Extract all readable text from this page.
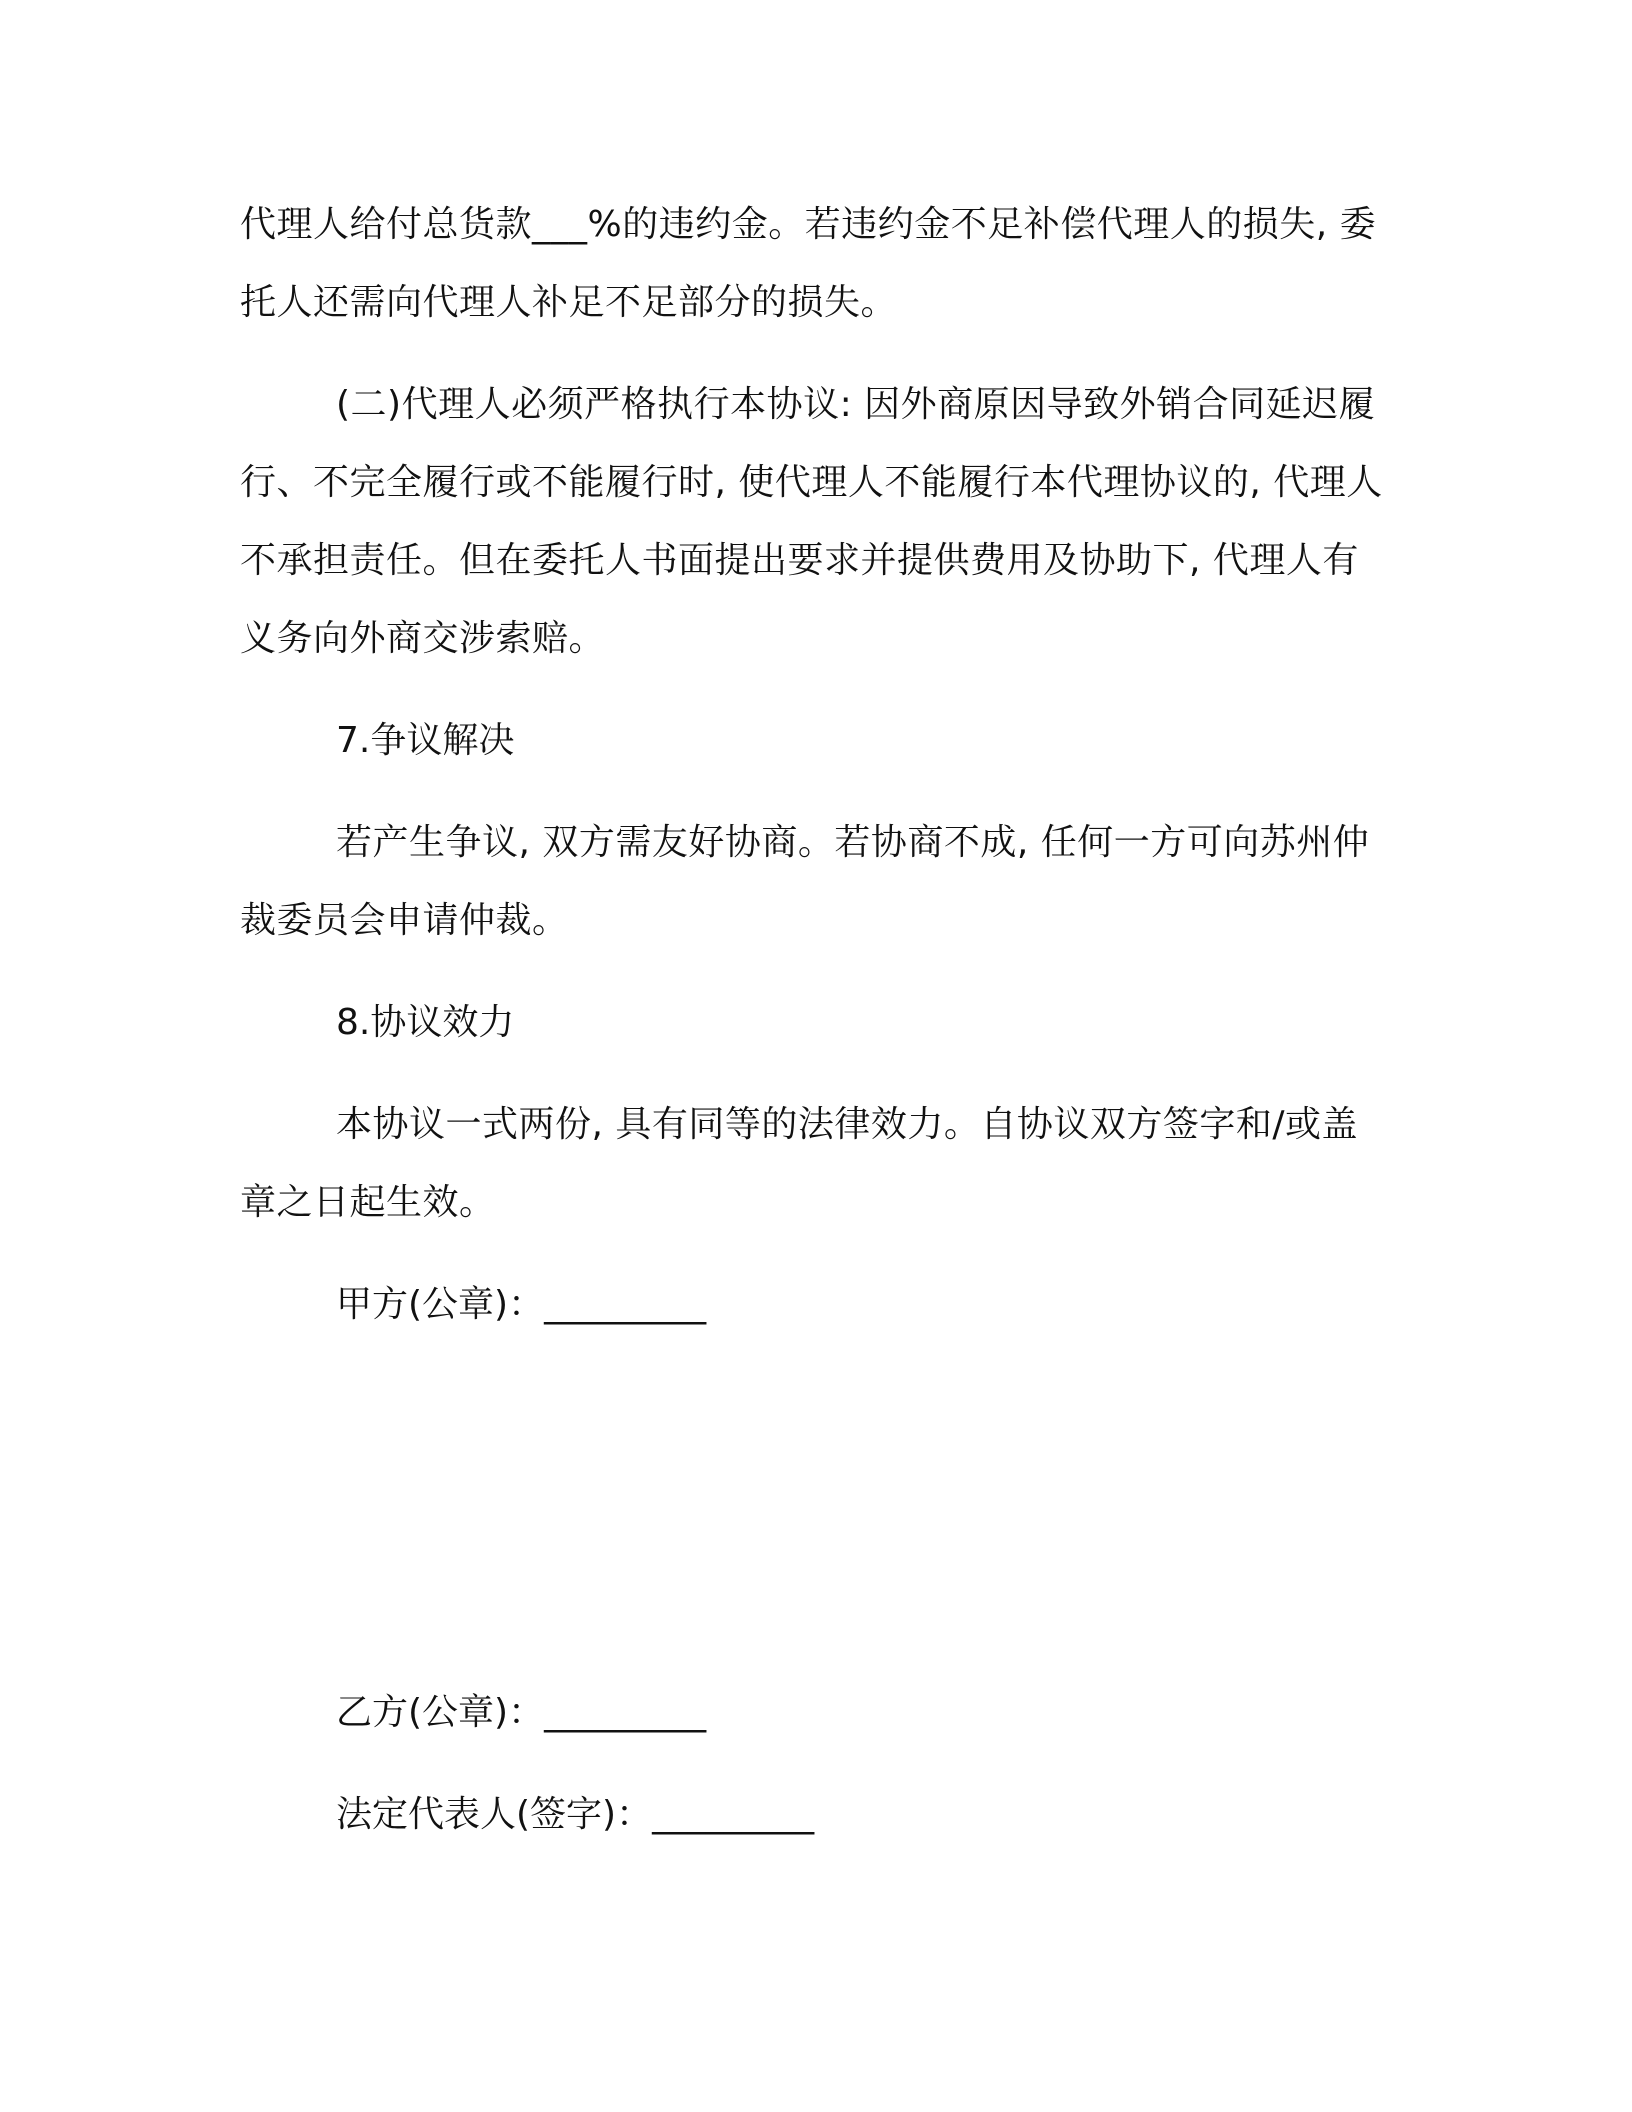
代理人给付总货款___%的违约金。若违约金不足补偿代理人的损失, 委托人还需向代理人补足不足部分的损失。

(二)代理人必须严格执行本协议: 因外商原因导致外销合同延迟履行、不完全履行或不能履行时, 使代理人不能履行本代理协议的, 代理人不承担责任。但在委托人书面提出要求并提供费用及协助下, 代理人有义务向外商交涉索赔。

7.争议解决

若产生争议, 双方需友好协商。若协商不成, 任何一方可向苏州仲裁委员会申请仲裁。

8.协议效力

本协议一式两份, 具有同等的法律效力。自协议双方签字和/或盖章之日起生效。

甲方(公章)：_________
乙方(公章)：_________
法定代表人(签字)：_________
